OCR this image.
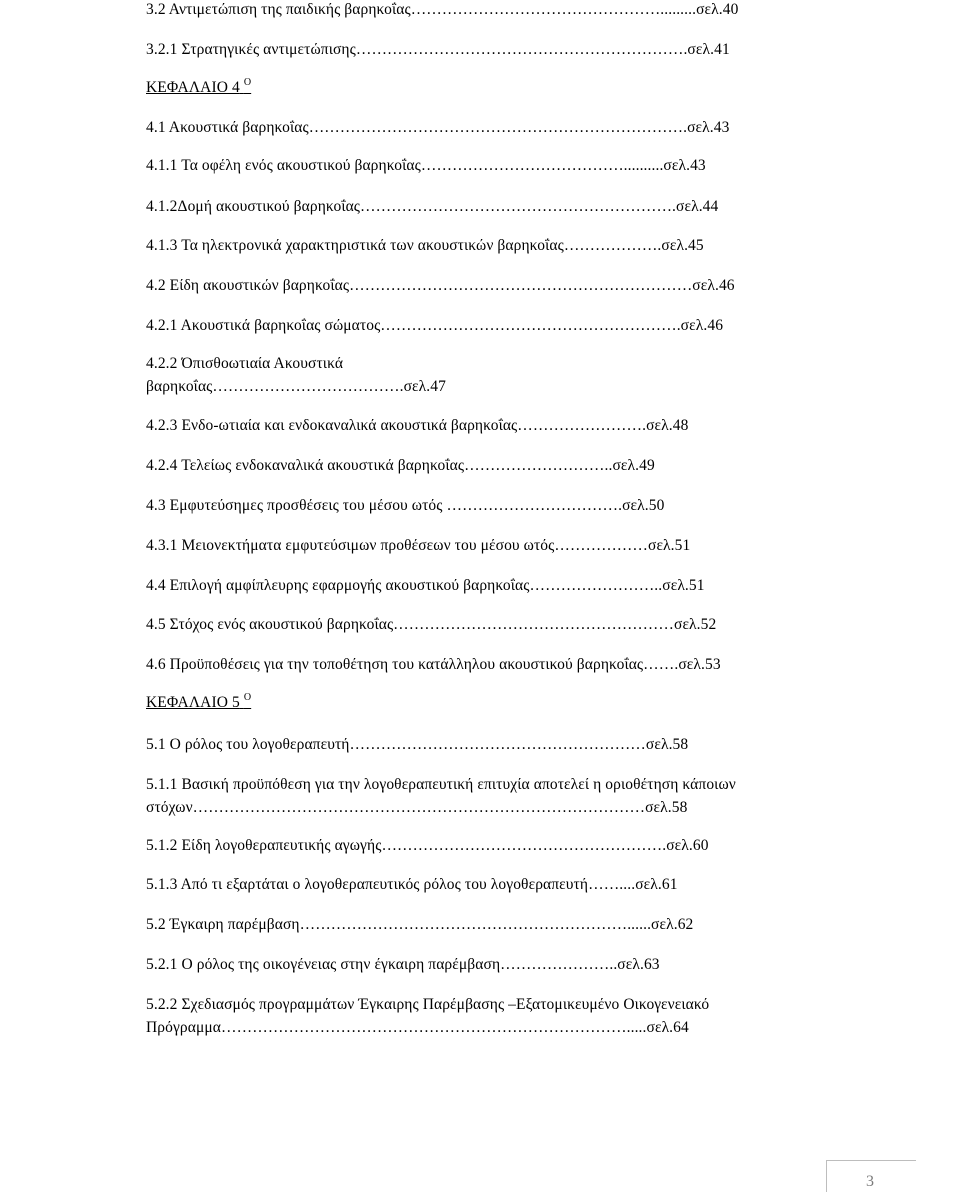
3.2 Αντιμετώπιση της παιδικής βαρηκοΐας………………………………………….........σελ.40
3.2.1 Στρατηγικές αντιμετώπισης……………………………………………………….σελ.41
ΚΕΦΑΛΑΙΟ 4 $^O$
4.1 Ακουστικά βαρηκοΐας……………………………………………………………….σελ.43
4.1.1 Τα οφέλη ενός ακουστικού βαρηκοΐας…………………………………..........σελ.43
4.1.2Δομή ακουστικού βαρηκοΐας…………………………………………………….σελ.44
4.1.3 Τα ηλεκτρονικά χαρακτηριστικά των ακουστικών βαρηκοΐας……………….σελ.45
4.2 Είδη ακουστικών βαρηκοΐας…………………………………………………………σελ.46
4.2.1 Ακουστικά βαρηκοΐας σώματος………………………………………………….σελ.46
4.2.2 Όπισθοωτιαία Ακουστικά
βαρηκοΐας……………………………….σελ.47
4.2.3 Ενδο-ωτιαία και ενδοκαναλικά ακουστικά βαρηκοΐας…………………….σελ.48
4.2.4 Τελείως ενδοκαναλικά ακουστικά βαρηκοΐας………………………..σελ.49
4.3 Εμφυτεύσημες προσθέσεις του μέσου ωτός …………………………….σελ.50
4.3.1 Μειονεκτήματα εμφυτεύσιμων προθέσεων του μέσου ωτός………………σελ.51
4.4 Επιλογή αμφίπλευρης εφαρμογής ακουστικού βαρηκοΐας……………………..σελ.51
4.5 Στόχος ενός ακουστικού βαρηκοΐας………………………………………………σελ.52
4.6 Προϋποθέσεις για την τοποθέτηση του κατάλληλου ακουστικού βαρηκοΐας…….σελ.53
ΚΕΦΑΛΑΙΟ 5 $^O$
5.1 Ο ρόλος του λογοθεραπευτή…………………………………………………σελ.58
5.1.1 Βασική προϋπόθεση για την λογοθεραπευτική επιτυχία αποτελεί η οριοθέτηση κάποιων
στόχων……………………………………………………………………………σελ.58
5.1.2 Είδη λογοθεραπευτικής αγωγής……………………………………………….σελ.60
5.1.3 Από τι εξαρτάται ο λογοθεραπευτικός ρόλος του λογοθεραπευτή……....σελ.61
5.2 Έγκαιρη παρέμβαση………………………………………………………......σελ.62
5.2.1 Ο ρόλος της οικογένειας στην έγκαιρη παρέμβαση…………………..σελ.63
5.2.2 Σχεδιασμός προγραμμάτων Έγκαιρης Παρέμβασης –Εξατομικευμένο Οικογενειακό
Πρόγραμμα…………………………………………………………………….....σελ.64
3
